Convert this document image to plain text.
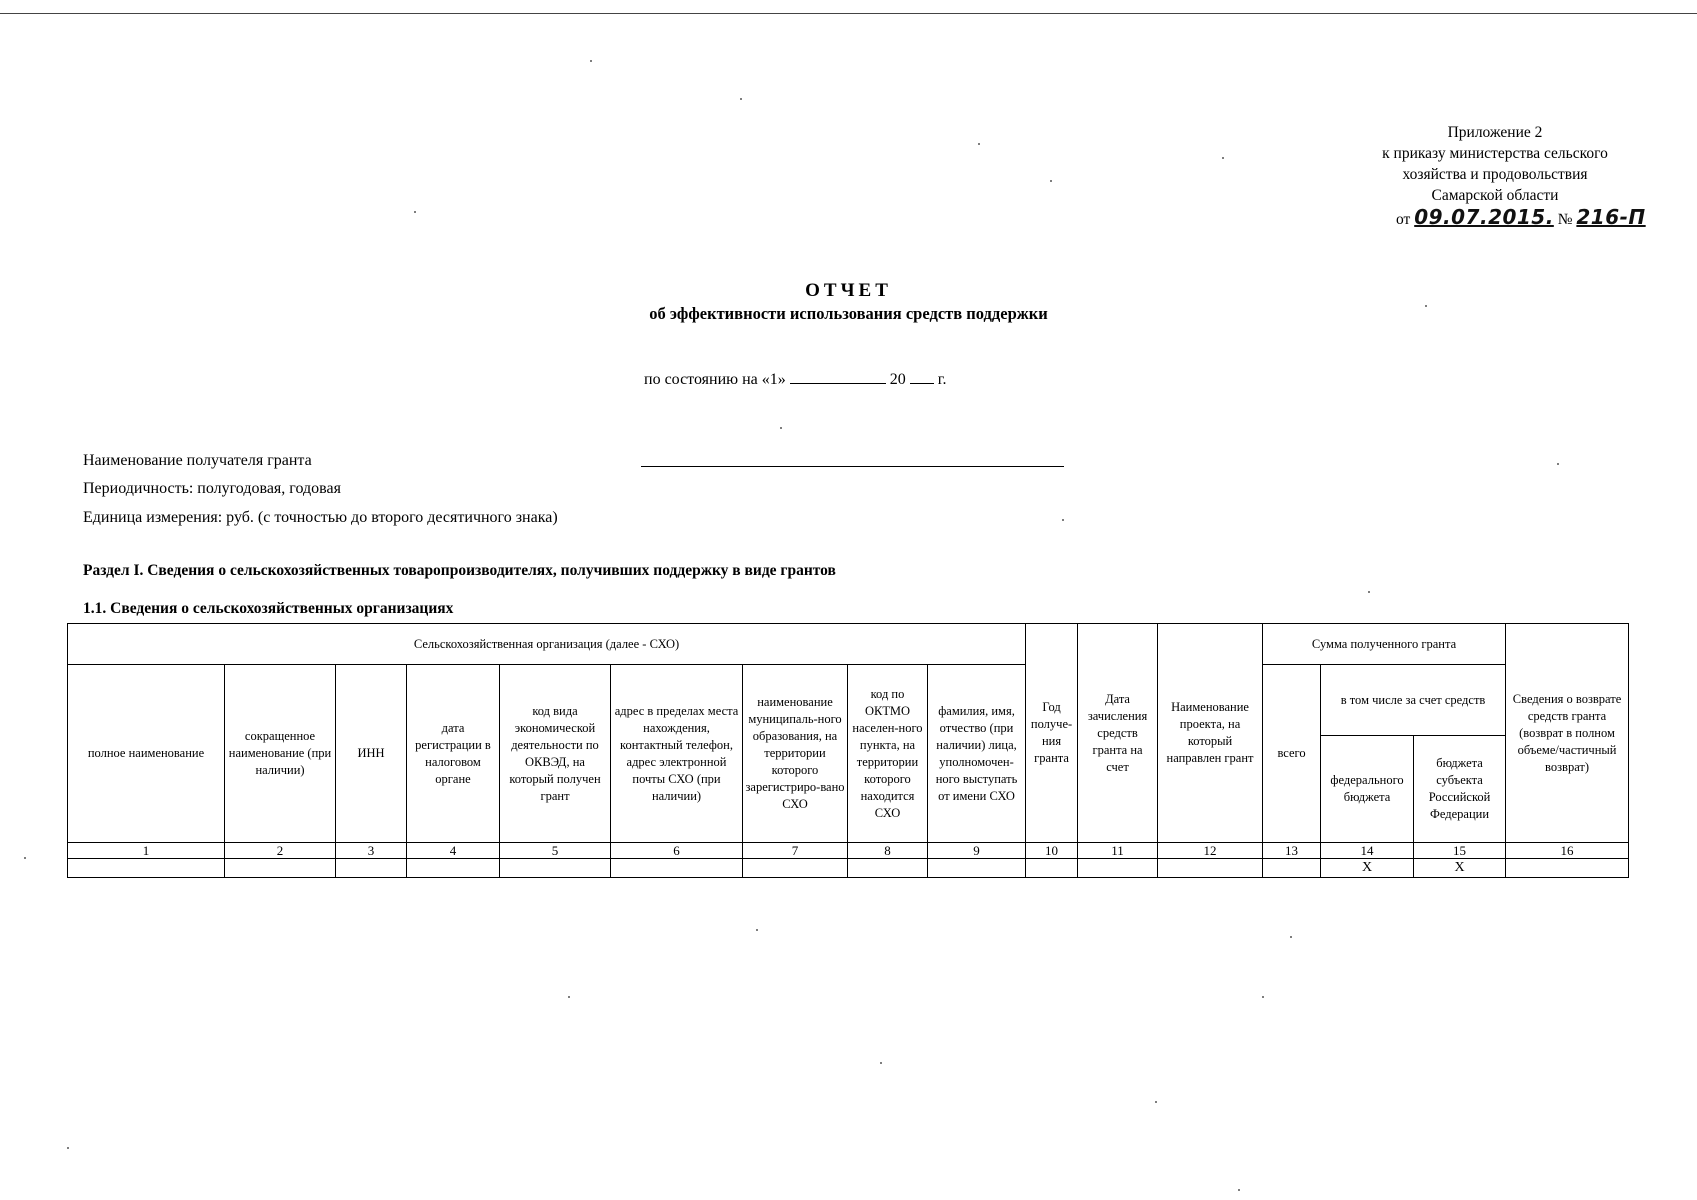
Приложение 2
к приказу министерства сельского
хозяйства и продовольствия
Самарской области
от 09.07.2015. № 216-П
ОТЧЕТ
об эффективности использования средств поддержки
по состоянию на «1»	20 г.
Наименование получателя гранта
Периодичность: полугодовая, годовая
Единица измерения: руб. (с точностью до второго десятичного знака)
Раздел I. Сведения о сельскохозяйственных товаропроизводителях, получивших поддержку в виде грантов
1.1. Сведения о сельскохозяйственных организациях
Сельскохозяйственная организация (далее - СХО)									Год получе-ния гранта	Дата зачисления средств гранта на счет	Наименование проекта, на который направлен грант	Сумма полученного гранта			Сведения о возврате средств гранта (возврат в полном объеме/частичный возврат)
полное наименование	сокращенное наименование (при наличии)	ИНН	дата регистрации в налоговом органе	код вида экономической деятельности по ОКВЭД, на который получен грант	адрес в пределах места нахождения, контактный телефон, адрес электронной почты СХО (при наличии)	наименование муниципаль-ного образования, на территории которого зарегистриро-вано СХО	код по ОКТМО населен-ного пункта, на территории которого находится СХО	фамилия, имя, отчество (при наличии) лица, уполномочен-ного выступать от имени СХО				всего	в том числе за счет средств		
													федерального бюджета	бюджета субъекта Российской Федерации	
1	2	3	4	5	6	7	8	9	10	11	12	13	14	15	16
													X	X	
